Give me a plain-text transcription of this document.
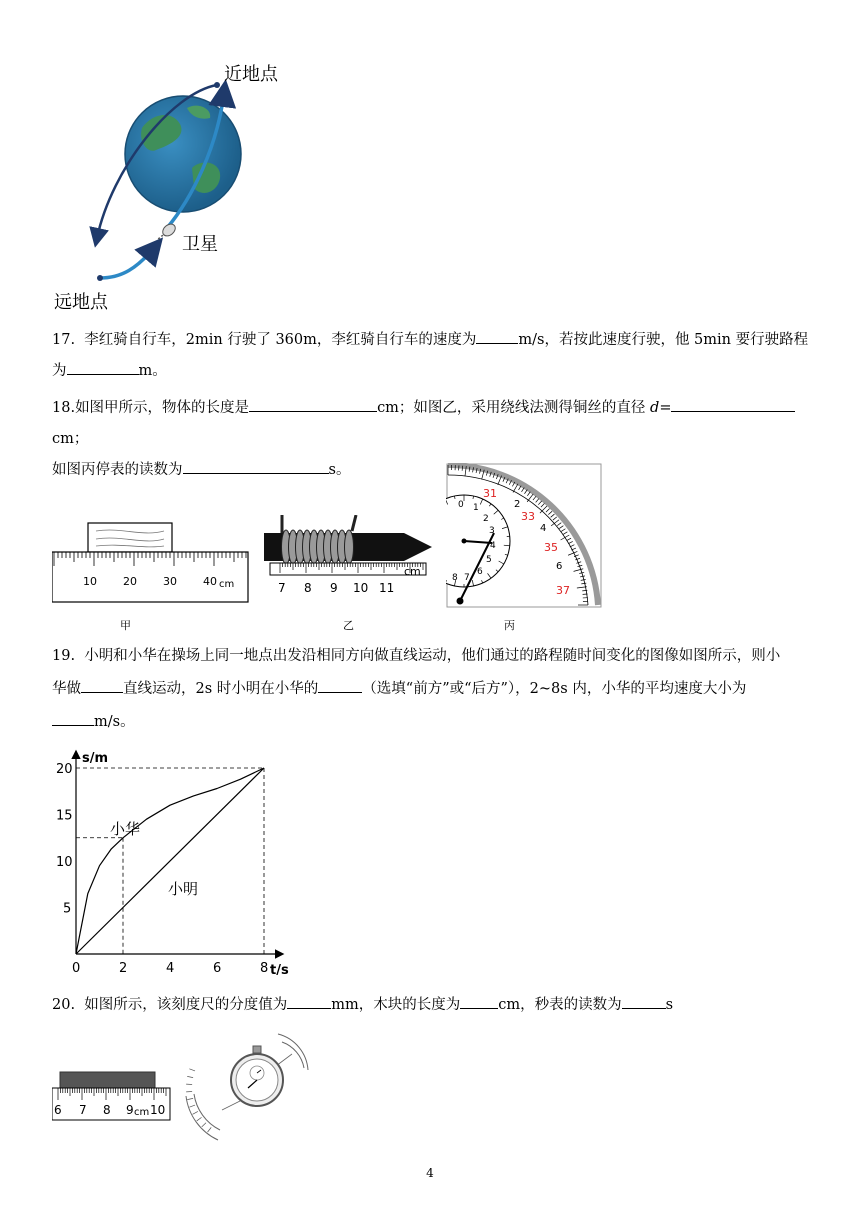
近地点
卫星
远地点
17. 李红骑自行车，2min 行驶了 360m，李红骑自行车的速度为	m/s，若按此速度行驶，他 5min 要行驶路程
为	m。
18.如图甲所示，物体的长度是	cm；如图乙，采用绕线法测得铜丝的直径 d=cm；
如图丙停表的读数为	s。
10 20 30 40 cm
甲
7 8 9 10 11
cm
乙
0 1
2
3
4
5
6
7
8
31
33
35
37
2
4
6
丙
19. 小明和小华在操场上同一地点出发沿相同方向做直线运动，他们通过的路程随时间变化的图像如图所示，则小
华做	直线运动，2s 时小明在小华的	（选填“前方”或“后方”），2~8s 内，小华的平均速度大小为
m/s。
0	2	4	6	8
5
10
15
20
s/m
t/s
小华
小明
20. 如图所示，该刻度尺的分度值为	mm，木块的长度为	cm，秒表的读数为	s
6 7 8 9 cm 10
4
